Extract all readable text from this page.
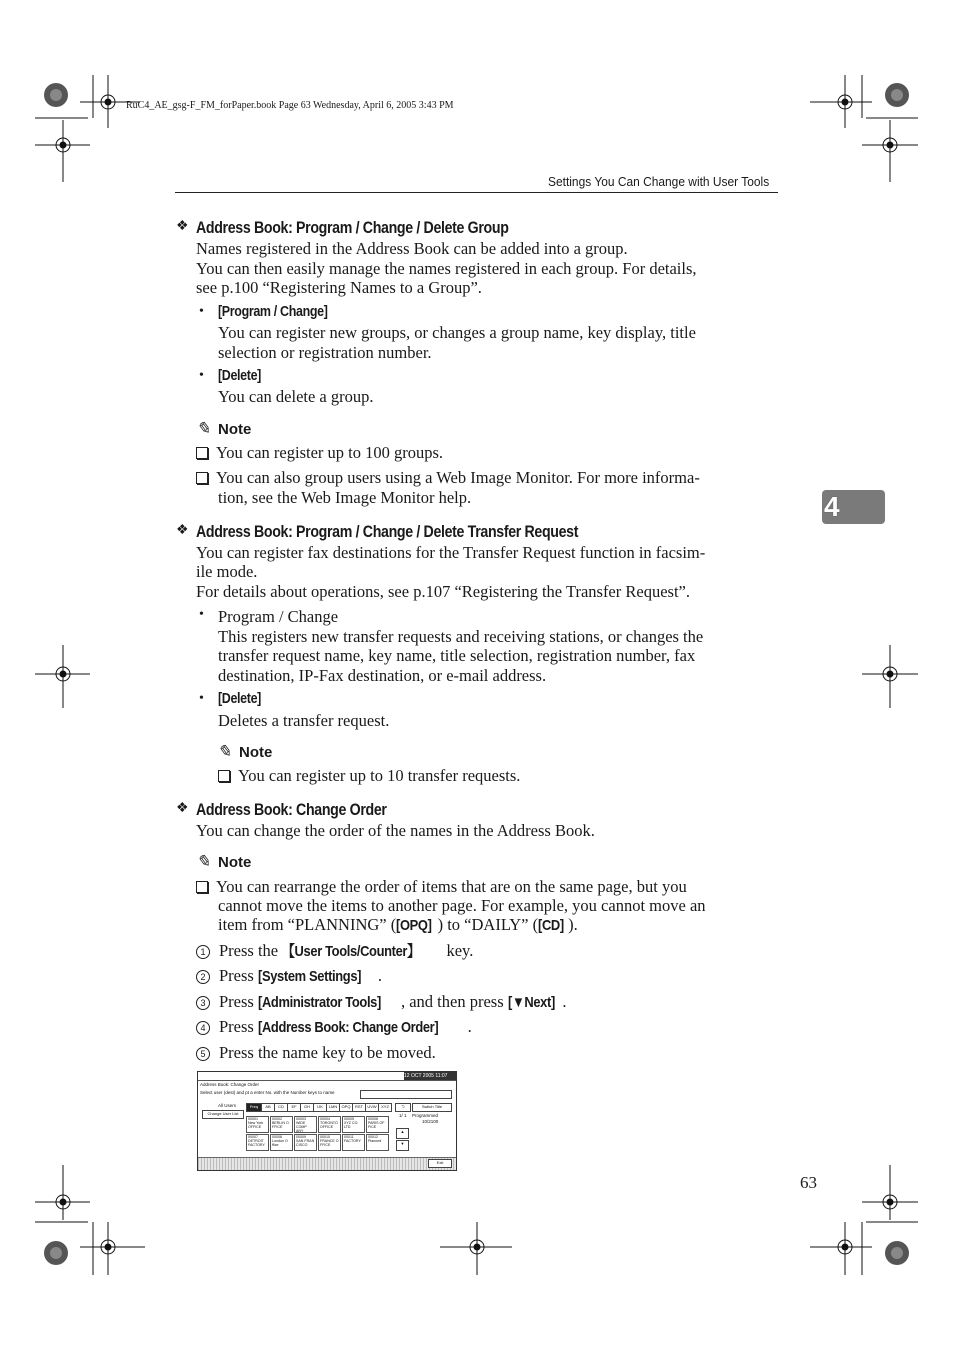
RuC4_AE_gsg-F_FM_forPaper.book Page 63 Wednesday, April 6, 2005 3:43 PM
Settings You Can Change with User Tools
4
❖ Address Book: Program / Change / Delete Group
Names registered in the Address Book can be added into a group.
You can then easily manage the names registered in each group. For details,
see p.100 “Registering Names to a Group”.
• [Program / Change]
You can register new groups, or changes a group name, key display, title
selection or registration number.
• [Delete]
You can delete a group.
✎ Note
You can register up to 100 groups.
You can also group users using a Web Image Monitor. For more informa-
tion, see the Web Image Monitor help.
❖ Address Book: Program / Change / Delete Transfer Request
You can register fax destinations for the Transfer Request function in facsim-
ile mode.
For details about operations, see p.107 “Registering the Transfer Request”.
• Program / Change
This registers new transfer requests and receiving stations, or changes the
transfer request name, key name, title selection, registration number, fax
destination, IP-Fax destination, or e-mail address.
• [Delete]
Deletes a transfer request.
✎ Note
You can register up to 10 transfer requests.
❖ Address Book: Change Order
You can change the order of the names in the Address Book.
✎ Note
You can rearrange the order of items that are on the same page, but you
cannot move the items to another page. For example, you cannot move an
item from “PLANNING” ([OPQ] ) to “DAILY” ([CD] ).
1 Press the 【User Tools/Counter】 key.
2 Press [System Settings] .
3 Press [Administrator Tools] , and then press [▼Next] .
4 Press [Address Book: Change Order] .
5 Press the name key to be moved.
12 OCT 2005 11:07
Address Book: Change Order
Select user (dest) and pt a enter No. with the Number keys to name
All Users
Change User List
Freq	AB	CD	EF	GH	IJK	LMN	OPQ	RST	UVW	XYZ	⮌	Switch Title
Programmed
10/2100
1/ 1
▲
▼
00001
New York
OFFICE
00002
BERLIN O
FFICE
00003
WIDE COMP
ANY
00004
TORONTO
OFFICE
00005
XYZ CO.
LTD
00006
PARIS OF
FICE
00007
DETROIT
FACTORY
00008
London O
ffice
00009
SAN FRAN
CISCO
00010
FRANCE O
FFICE
00011
FACTORY
00012
Planned
Exit
63
